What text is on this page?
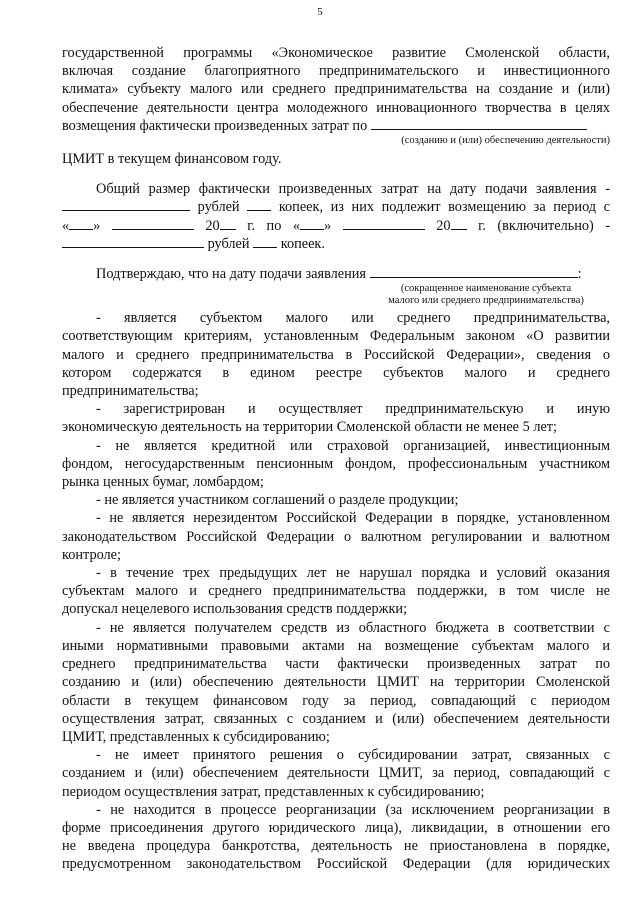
5

государственной программы «Экономическое развитие Смоленской области,

включая создание благоприятного предпринимательского и инвестиционного

климата» субъекту малого или среднего предпринимательства на создание и (или)

обеспечение деятельности центра молодежного инновационного творчества в целях

возмещения фактически произведенных затрат по

(созданию и (или) обеспечению деятельности)

ЦМИТ в текущем финансовом году.

Общий размер фактически произведенных затрат на дату подачи заявления -

рублей	копеек, из них подлежит возмещению за период с

« »	20 г. по « »	20 г. (включительно) -

рублей копеек.

Подтверждаю, что на дату подачи заявления	:

(сокращенное наименование субъекта
малого или среднего предпринимательства)

- является субъектом малого или среднего предпринимательства,

соответствующим критериям, установленным Федеральным законом «О развитии

малого и среднего предпринимательства в Российской Федерации», сведения о

котором содержатся в едином реестре субъектов малого и среднего

предпринимательства;

- зарегистрирован и осуществляет предпринимательскую и иную

экономическую деятельность на территории Смоленской области не менее 5 лет;

- не является кредитной или страховой организацией, инвестиционным

фондом, негосударственным пенсионным фондом, профессиональным участником

рынка ценных бумаг, ломбардом;

- не является участником соглашений о разделе продукции;

- не является нерезидентом Российской Федерации в порядке, установленном

законодательством Российской Федерации о валютном регулировании и валютном

контроле;

- в течение трех предыдущих лет не нарушал порядка и условий оказания

субъектам малого и среднего предпринимательства поддержки, в том числе не

допускал нецелевого использования средств поддержки;

- не является получателем средств из областного бюджета в соответствии с

иными нормативными правовыми актами на возмещение субъектам малого и

среднего предпринимательства части фактически произведенных затрат по

созданию и (или) обеспечению деятельности ЦМИТ на территории Смоленской

области в текущем финансовом году за период, совпадающий с периодом

осуществления затрат, связанных с созданием и (или) обеспечением деятельности

ЦМИТ, представленных к субсидированию;

- не имеет принятого решения о субсидировании затрат, связанных с

созданием и (или) обеспечением деятельности ЦМИТ, за период, совпадающий с

периодом осуществления затрат, представленных к субсидированию;

- не находится в процессе реорганизации (за исключением реорганизации в

форме присоединения другого юридического лица), ликвидации, в отношении его

не введена процедура банкротства, деятельность не приостановлена в порядке,

предусмотренном законодательством Российской Федерации (для юридических
